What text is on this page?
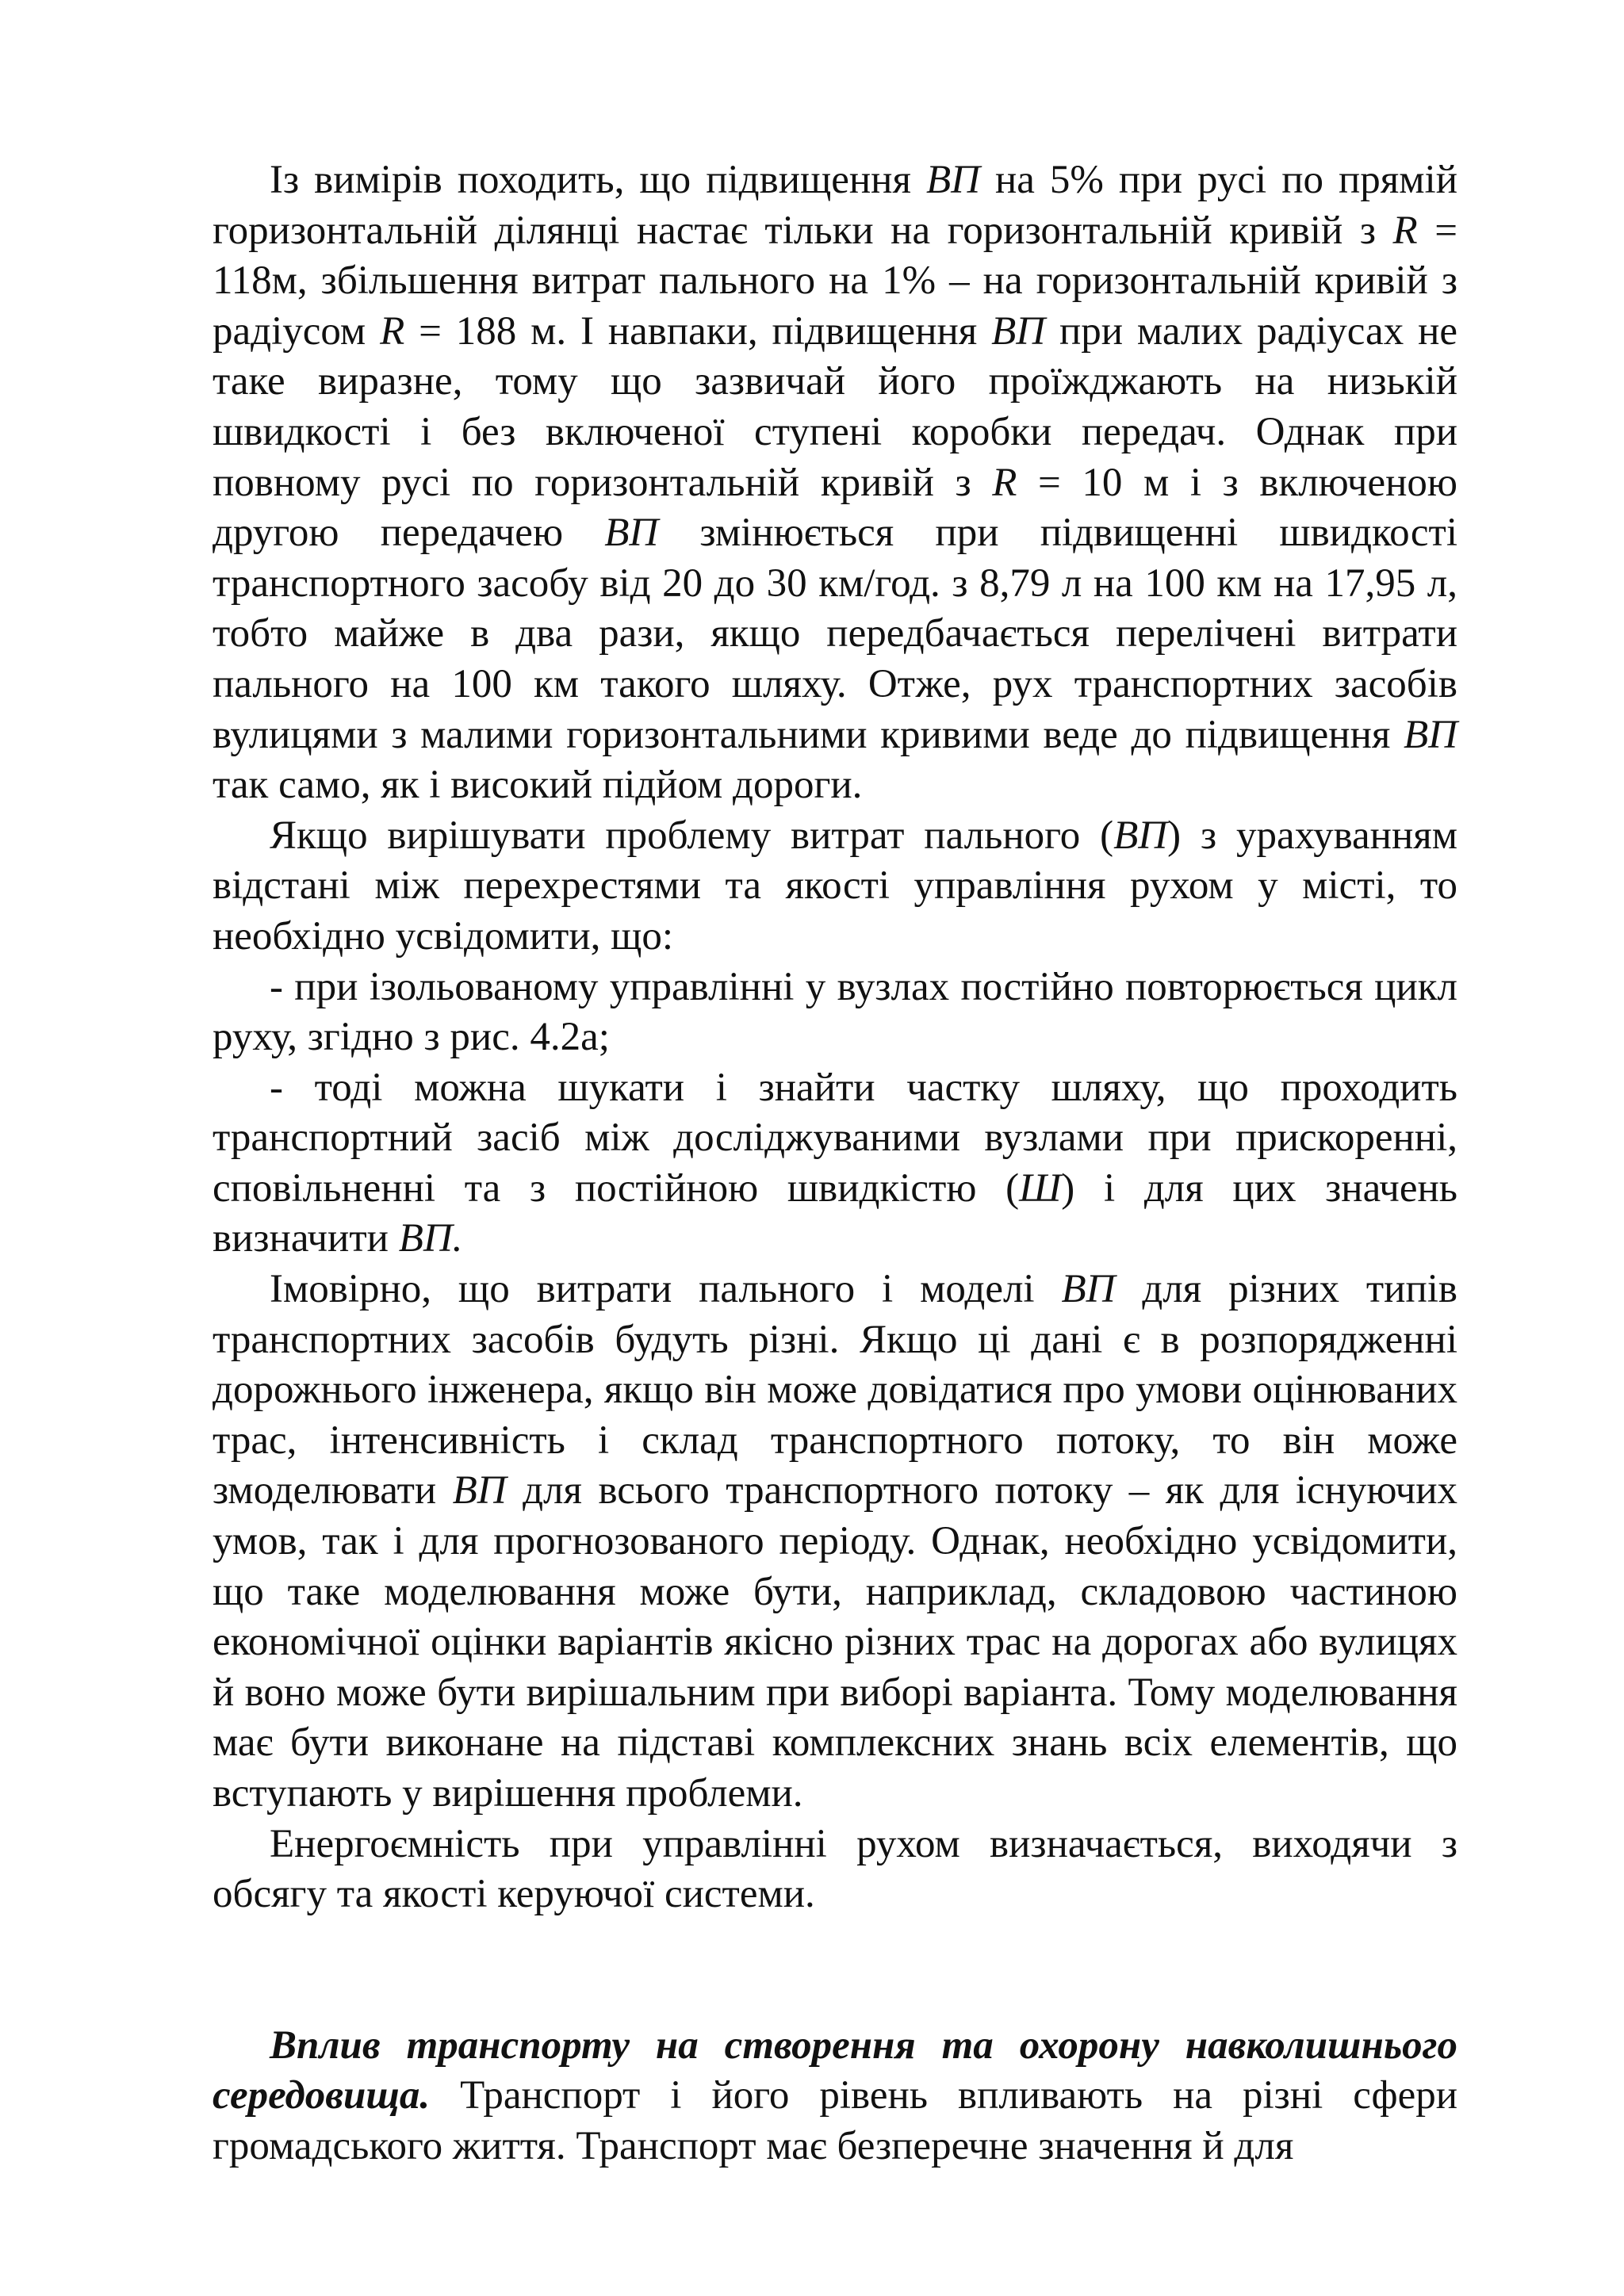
Із вимірів походить, що підвищення ВП на 5% при русі по прямій горизонтальній ділянці настає тільки на горизонтальній кривій з R = 118м, збільшення витрат пального на 1% – на горизонтальній кривій з радіусом R = 188 м. І навпаки, підвищення ВП при малих радіусах не таке виразне, тому що зазвичай його проїжджають на низькій швидкості і без включеної ступені коробки передач. Однак при повному русі по горизонтальній кривій з R = 10 м і з включеною другою передачею ВП змінюється при підвищенні швидкості транспортного засобу від 20 до 30 км/год. з 8,79 л на 100 км на 17,95 л, тобто майже в два рази, якщо передбачається перелічені витрати пального на 100 км такого шляху. Отже, рух транспортних засобів вулицями з малими горизонтальними кривими веде до підвищення ВП так само, як і високий підйом дороги.

Якщо вирішувати проблему витрат пального (ВП) з урахуванням відстані між перехрестями та якості управління рухом у місті, то необхідно усвідомити, що:

- при ізольованому управлінні у вузлах постійно повторюється цикл руху, згідно з рис. 4.2а;

- тоді можна шукати і знайти частку шляху, що проходить транспортний засіб між досліджуваними вузлами при прискоренні, сповільненні та з постійною швидкістю (Ш) і для цих значень визначити ВП.

Імовірно, що витрати пального і моделі ВП для різних типів транспортних засобів будуть різні. Якщо ці дані є в розпорядженні дорожнього інженера, якщо він може довідатися про умови оцінюваних трас, інтенсивність і склад транспортного потоку, то він може змоделювати ВП для всього транспортного потоку – як для існуючих умов, так і для прогнозованого періоду. Однак, необхідно усвідомити, що таке моделювання може бути, наприклад, складовою частиною економічної оцінки варіантів якісно різних трас на дорогах або вулицях й воно може бути вирішальним при виборі варіанта. Тому моделювання має бути виконане на підставі комплексних знань всіх елементів, що вступають у вирішення проблеми.

Енергоємність при управлінні рухом визначається, виходячи з обсягу та якості керуючої системи.

Вплив транспорту на створення та охорону навколишнього середовища. Транспорт і його рівень впливають на різні сфери громадського життя. Транспорт має безперечне значення й для
